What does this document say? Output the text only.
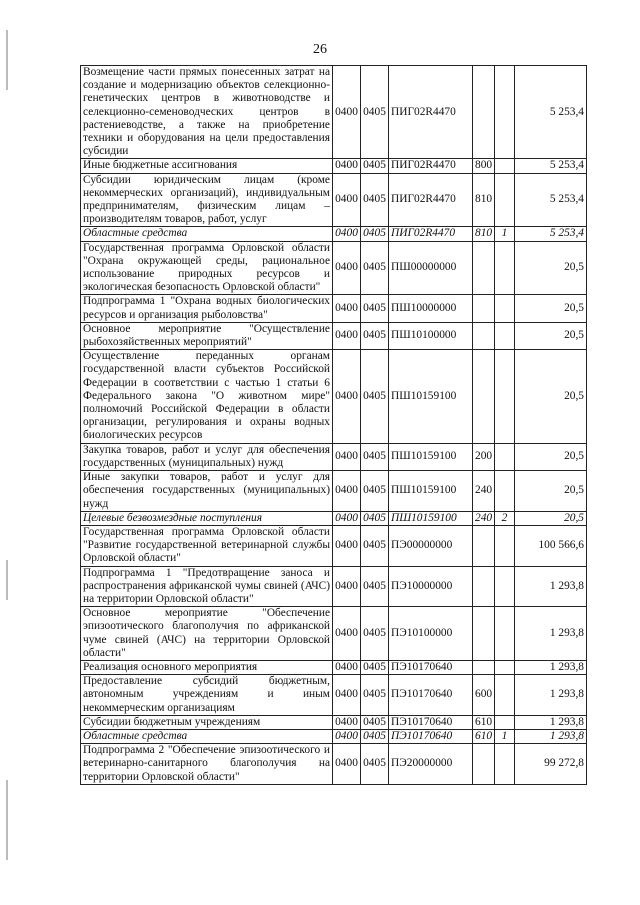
26
Возмещение части прямых понесенных затрат на создание и модернизацию объектов селекционно-генетических центров в животноводстве и селекционно-семеноводческих центров в растениеводстве, а также на приобретение техники и оборудования на цели предоставления субсидии	0400	0405	ПИГ02R4470			5 253,4
Иные бюджетные ассигнования	0400	0405	ПИГ02R4470	800		5 253,4
Субсидии юридическим лицам (кроме некоммерческих организаций), индивидуальным предпринимателям, физическим лицам – производителям товаров, работ, услуг	0400	0405	ПИГ02R4470	810		5 253,4
Областные средства	0400	0405	ПИГ02R4470	810	1	5 253,4
Государственная программа Орловской области "Охрана окружающей среды, рациональное использование природных ресурсов и экологическая безопасность Орловской области"	0400	0405	ПШ00000000			20,5
Подпрограмма 1 "Охрана водных биологических ресурсов и организация рыболовства"	0400	0405	ПШ10000000			20,5
Основное мероприятие "Осуществление рыбохозяйственных мероприятий"	0400	0405	ПШ10100000			20,5
Осуществление переданных органам государственной власти субъектов Российской Федерации в соответствии с частью 1 статьи 6 Федерального закона "О животном мире" полномочий Российской Федерации в области организации, регулирования и охраны водных биологических ресурсов	0400	0405	ПШ10159100			20,5
Закупка товаров, работ и услуг для обеспечения государственных (муниципальных) нужд	0400	0405	ПШ10159100	200		20,5
Иные закупки товаров, работ и услуг для обеспечения государственных (муниципальных) нужд	0400	0405	ПШ10159100	240		20,5
Целевые безвозмездные поступления	0400	0405	ПШ10159100	240	2	20,5
Государственная программа Орловской области "Развитие государственной ветеринарной службы Орловской области"	0400	0405	ПЭ00000000			100 566,6
Подпрограмма 1 "Предотвращение заноса и распространения африканской чумы свиней (АЧС) на территории Орловской области"	0400	0405	ПЭ10000000			1 293,8
Основное мероприятие "Обеспечение эпизоотического благополучия по африканской чуме свиней (АЧС) на территории Орловской области"	0400	0405	ПЭ10100000			1 293,8
Реализация основного мероприятия	0400	0405	ПЭ10170640			1 293,8
Предоставление субсидий бюджетным, автономным учреждениям и иным некоммерческим организациям	0400	0405	ПЭ10170640	600		1 293,8
Субсидии бюджетным учреждениям	0400	0405	ПЭ10170640	610		1 293,8
Областные средства	0400	0405	ПЭ10170640	610	1	1 293,8
Подпрограмма 2 "Обеспечение эпизоотического и ветеринарно-санитарного благополучия на территории Орловской области"	0400	0405	ПЭ20000000			99 272,8
